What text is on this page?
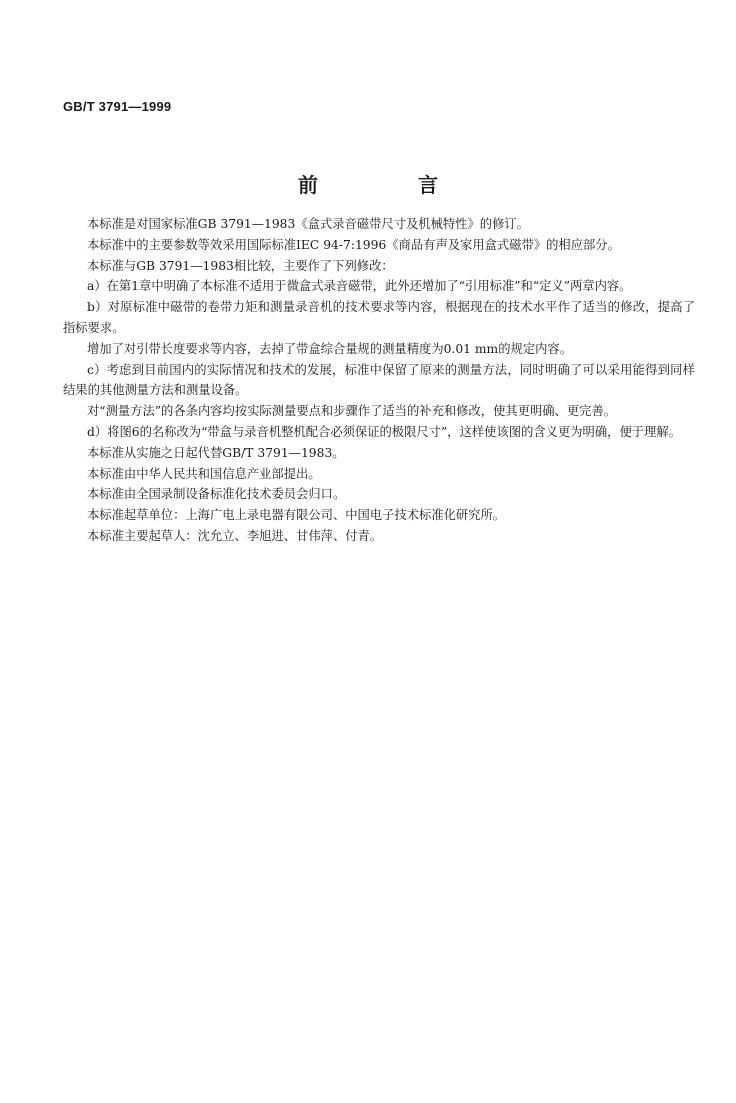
GB/T 3791—1999
前　言

本标准是对国家标准GB 3791—1983《盒式录音磁带尺寸及机械特性》的修订。

本标准中的主要参数等效采用国际标准IEC 94-7:1996《商品有声及家用盒式磁带》的相应部分。

本标准与GB 3791—1983相比较，主要作了下列修改：

a）在第1章中明确了本标准不适用于微盒式录音磁带，此外还增加了“引用标准”和“定义”两章内容。

b）对原标准中磁带的卷带力矩和测量录音机的技术要求等内容，根据现在的技术水平作了适当的修改，提高了指标要求。

增加了对引带长度要求等内容，去掉了带盒综合量规的测量精度为0.01 mm的规定内容。

c）考虑到目前国内的实际情况和技术的发展，标准中保留了原来的测量方法，同时明确了可以采用能得到同样结果的其他测量方法和测量设备。

对“测量方法”的各条内容均按实际测量要点和步骤作了适当的补充和修改，使其更明确、更完善。

d）将图6的名称改为“带盒与录音机整机配合必须保证的极限尺寸”，这样使该图的含义更为明确，便于理解。

本标准从实施之日起代替GB/T 3791—1983。

本标准由中华人民共和国信息产业部提出。

本标准由全国录制设备标准化技术委员会归口。

本标准起草单位：上海广电上录电器有限公司、中国电子技术标准化研究所。

本标准主要起草人：沈允立、李旭进、甘伟萍、付青。
